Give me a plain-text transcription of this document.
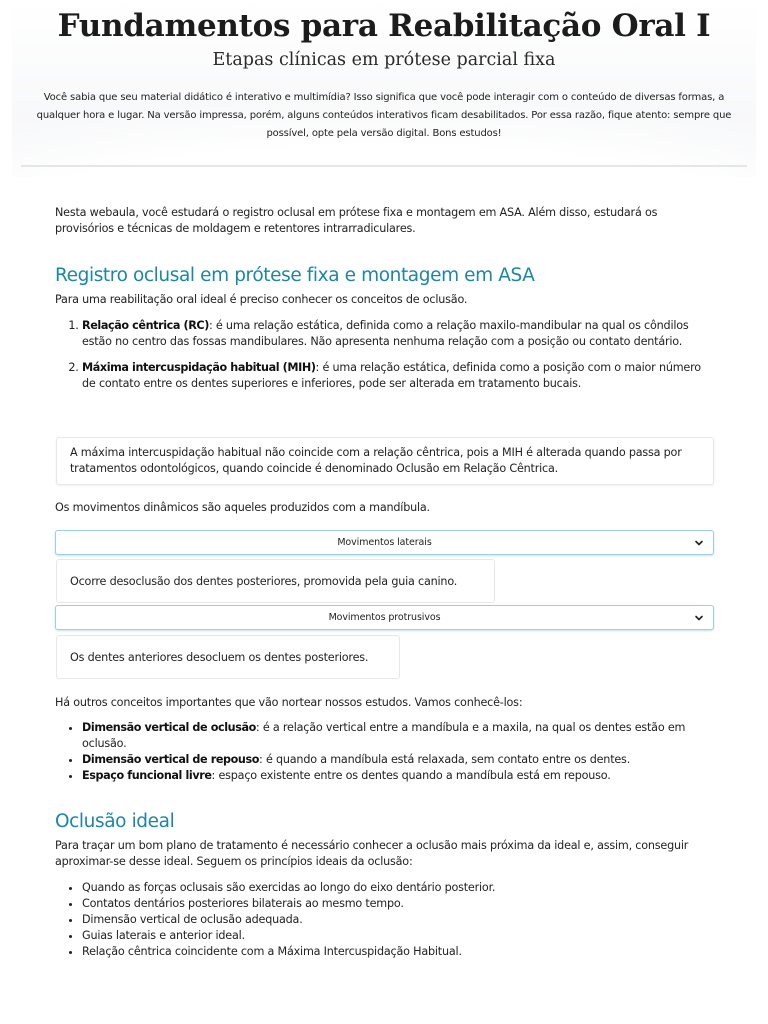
Fundamentos para Reabilitação Oral I
Etapas clínicas em prótese parcial fixa

Você sabia que seu material didático é interativo e multimídia? Isso significa que você pode interagir com o conteúdo de diversas formas, a qualquer hora e lugar. Na versão impressa, porém, alguns conteúdos interativos ficam desabilitados. Por essa razão, fique atento: sempre que possível, opte pela versão digital. Bons estudos!

Nesta webaula, você estudará o registro oclusal em prótese fixa e montagem em ASA. Além disso, estudará os provisórios e técnicas de moldagem e retentores intrarradiculares.

Registro oclusal em prótese fixa e montagem em ASA

Para uma reabilitação oral ideal é preciso conhecer os conceitos de oclusão.

1. Relação cêntrica (RC): é uma relação estática, definida como a relação maxilo-mandibular na qual os côndilos estão no centro das fossas mandibulares. Não apresenta nenhuma relação com a posição ou contato dentário.
2. Máxima intercuspidação habitual (MIH): é uma relação estática, definida como a posição com o maior número de contato entre os dentes superiores e inferiores, pode ser alterada em tratamento bucais.

A máxima intercuspidação habitual não coincide com a relação cêntrica, pois a MIH é alterada quando passa por tratamentos odontológicos, quando coincide é denominado Oclusão em Relação Cêntrica.

Os movimentos dinâmicos são aqueles produzidos com a mandíbula.

Movimentos laterais
Ocorre desoclusão dos dentes posteriores, promovida pela guia canino.
Movimentos protrusivos
Os dentes anteriores desocluem os dentes posteriores.

Há outros conceitos importantes que vão nortear nossos estudos. Vamos conhecê-los:

• Dimensão vertical de oclusão: é a relação vertical entre a mandíbula e a maxila, na qual os dentes estão em oclusão.
• Dimensão vertical de repouso: é quando a mandíbula está relaxada, sem contato entre os dentes.
• Espaço funcional livre: espaço existente entre os dentes quando a mandíbula está em repouso.
Oclusão ideal

Para traçar um bom plano de tratamento é necessário conhecer a oclusão mais próxima da ideal e, assim, conseguir aproximar-se desse ideal. Seguem os princípios ideais da oclusão:

• Quando as forças oclusais são exercidas ao longo do eixo dentário posterior.
• Contatos dentários posteriores bilaterais ao mesmo tempo.
• Dimensão vertical de oclusão adequada.
• Guias laterais e anterior ideal.
• Relação cêntrica coincidente com a Máxima Intercuspidação Habitual.
